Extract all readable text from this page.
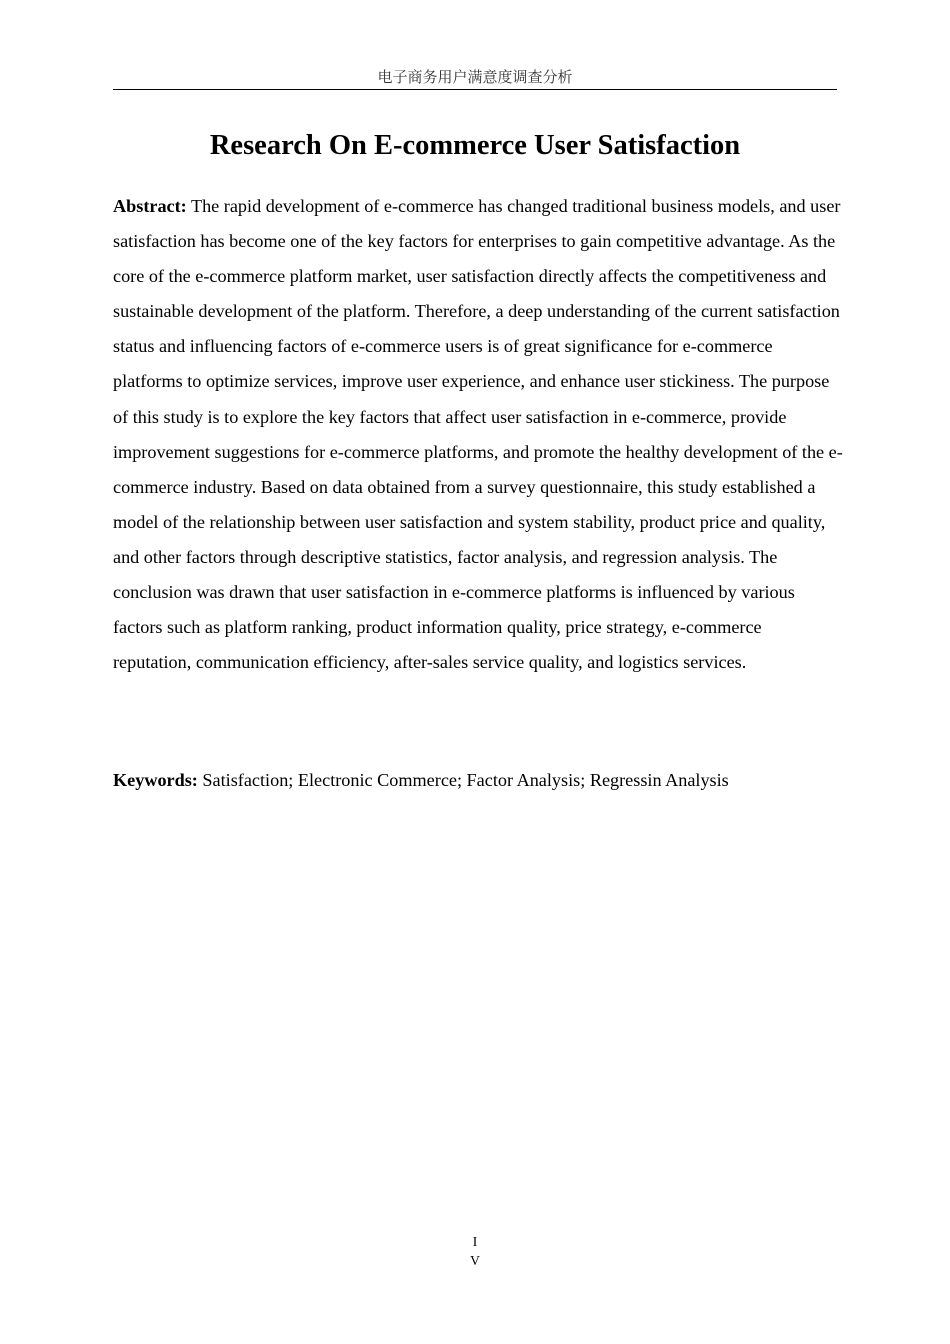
电子商务用户满意度调查分析
Research On E-commerce User Satisfaction

Abstract: The rapid development of e-commerce has changed traditional business models, and user satisfaction has become one of the key factors for enterprises to gain competitive advantage. As the core of the e-commerce platform market, user satisfaction directly affects the competitiveness and sustainable development of the platform. Therefore, a deep understanding of the current satisfaction status and influencing factors of e-commerce users is of great significance for e-commerce platforms to optimize services, improve user experience, and enhance user stickiness. The purpose of this study is to explore the key factors that affect user satisfaction in e-commerce, provide improvement suggestions for e-commerce platforms, and promote the healthy development of the e-commerce industry. Based on data obtained from a survey questionnaire, this study established a model of the relationship between user satisfaction and system stability, product price and quality, and other factors through descriptive statistics, factor analysis, and regression analysis. The conclusion was drawn that user satisfaction in e-commerce platforms is influenced by various factors such as platform ranking, product information quality, price strategy, e-commerce reputation, communication efficiency, after-sales service quality, and logistics services.

Keywords: Satisfaction; Electronic Commerce; Factor Analysis; Regressin Analysis

I
V
